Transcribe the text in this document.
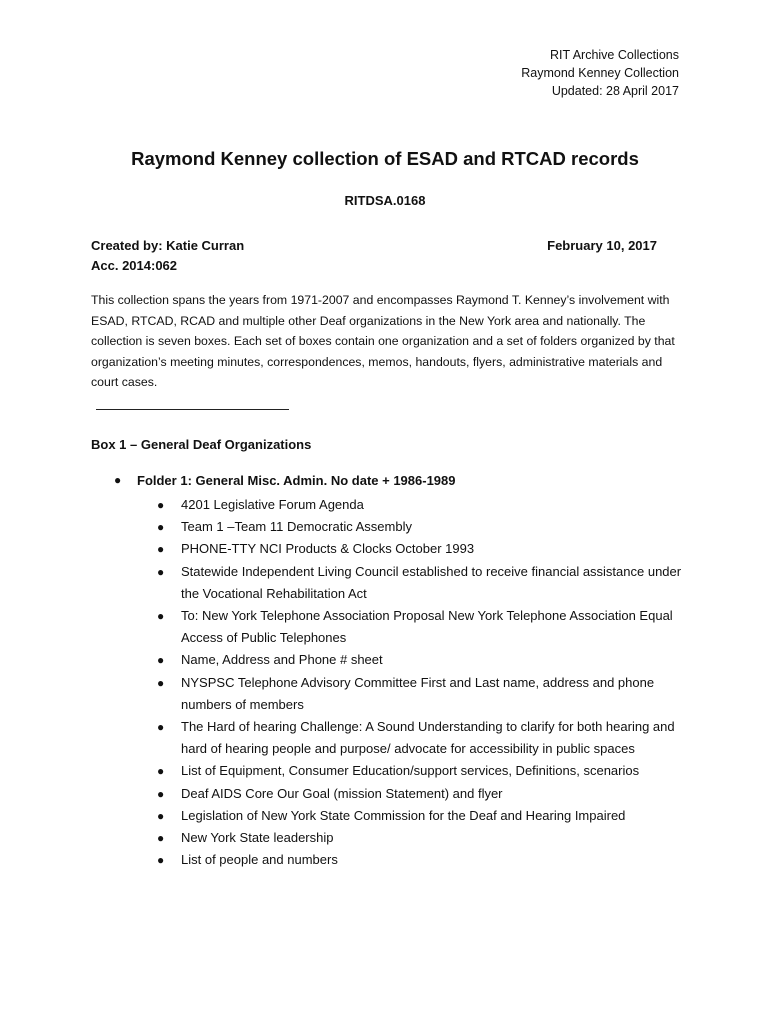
RIT Archive Collections
Raymond Kenney Collection
Updated: 28 April 2017
Raymond Kenney collection of ESAD and RTCAD records
RITDSA.0168
Created by: Katie Curran
Acc. 2014:062
February 10, 2017
This collection spans the years from 1971-2007 and encompasses Raymond T. Kenney’s involvement with ESAD, RTCAD, RCAD and multiple other Deaf organizations in the New York area and nationally. The collection is seven boxes. Each set of boxes contain one organization and a set of folders organized by that organization’s meeting minutes, correspondences, memos, handouts, flyers, administrative materials and court cases.
Box 1 – General Deaf Organizations
● Folder 1: General Misc. Admin. No date + 1986-1989
● 4201 Legislative Forum Agenda
● Team 1 –Team 11 Democratic Assembly
● PHONE-TTY NCI Products & Clocks October 1993
● Statewide Independent Living Council established to receive financial assistance under the Vocational Rehabilitation Act
● To: New York Telephone Association Proposal New York Telephone Association Equal Access of Public Telephones
● Name, Address and Phone # sheet
● NYSPSC Telephone Advisory Committee First and Last name, address and phone numbers of members
● The Hard of hearing Challenge: A Sound Understanding to clarify for both hearing and hard of hearing people and purpose/ advocate for accessibility in public spaces
● List of Equipment, Consumer Education/support services, Definitions, scenarios
● Deaf AIDS Core Our Goal (mission Statement) and flyer
● Legislation of New York State Commission for the Deaf and Hearing Impaired
● New York State leadership
● List of people and numbers
